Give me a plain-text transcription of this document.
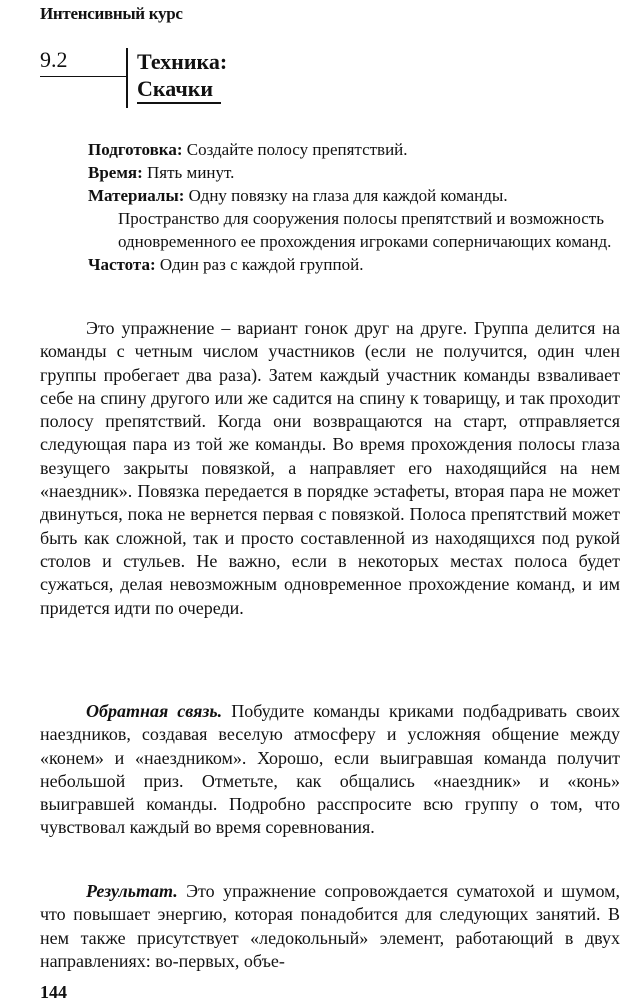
Интенсивный курс
9.2	Техника:
Скачки

Подготовка: Создайте полосу препятствий.

Время: Пять минут.

Материалы: Одну повязку на глаза для каждой команды.

Пространство для сооружения полосы препятствий и возможность одновременного ее прохождения игроками соперничающих команд.

Частота: Один раз с каждой группой.

Это упражнение – вариант гонок друг на друге. Группа делится на команды с четным числом участников (если не получится, один член группы пробегает два раза). Затем каждый участник команды взваливает себе на спину другого или же садится на спину к товарищу, и так проходит полосу препятствий. Когда они возвращаются на старт, отправляется следующая пара из той же команды. Во время прохождения полосы глаза везущего закрыты повязкой, а направляет его находящийся на нем «наездник». Повязка передается в порядке эстафеты, вторая пара не может двинуться, пока не вернется первая с повязкой. Полоса препятствий может быть как сложной, так и просто составленной из находящихся под рукой столов и стульев. Не важно, если в некоторых местах полоса будет сужаться, делая невозможным одновременное прохождение команд, и им придется идти по очереди.

Обратная связь. Побудите команды криками подбадривать своих наездников, создавая веселую атмосферу и усложняя общение между «конем» и «наездником». Хорошо, если выигравшая команда получит небольшой приз. Отметьте, как общались «наездник» и «конь» выигравшей команды. Подробно расспросите всю группу о том, что чувствовал каждый во время соревнования.

Результат. Это упражнение сопровождается суматохой и шумом, что повышает энергию, которая понадобится для следующих занятий. В нем также присутствует «ледокольный» элемент, работающий в двух направлениях: во-первых, объе-

144
